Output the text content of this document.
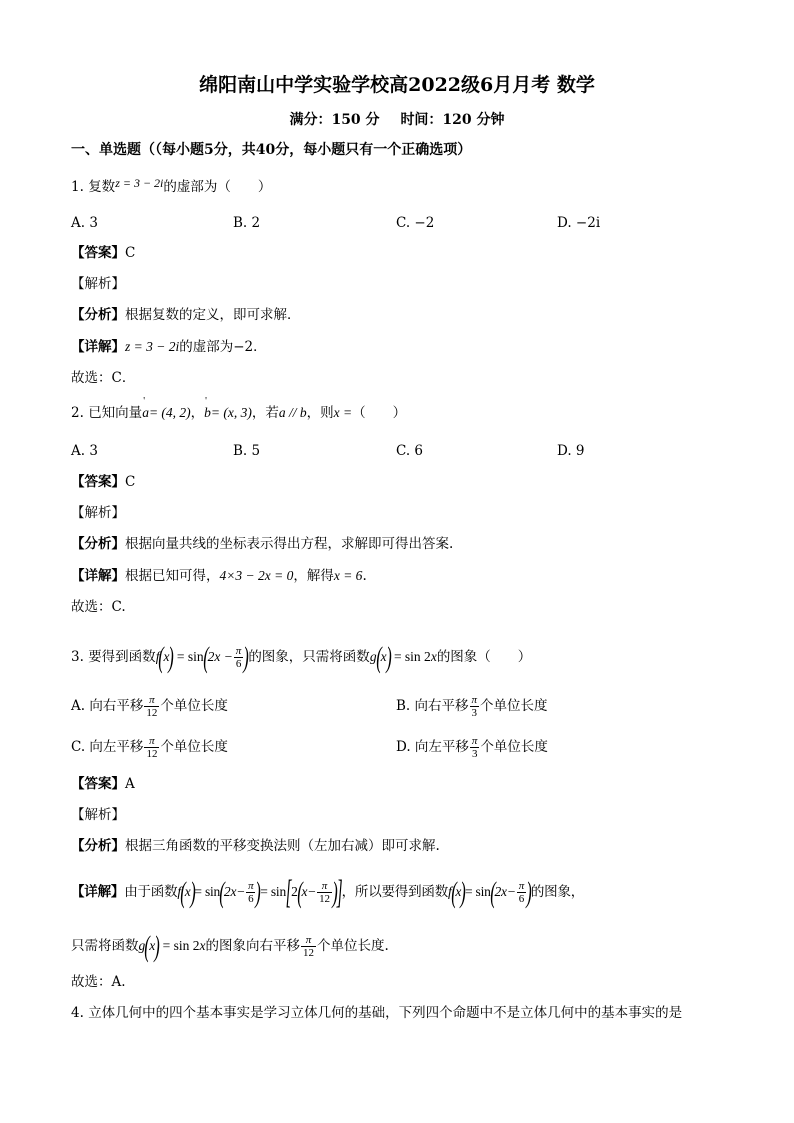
绵阳南山中学实验学校高2022级6月月考 数学
满分：150 分 时间：120 分钟
一、单选题（（每小题5分，共40分，每小题只有一个正确选项）
1. 复数z = 3 − 2i的虚部为（　　）
A. 3	B. 2	C. −2	D. −2i
【答案】C
【解析】
【分析】根据复数的定义，即可求解．
【详解】z = 3 − 2i的虚部为−2．
故选：C．
2. 已知向量' a= (4, 2)，' b= (x, 3)，若a // b，则x =（　　）
A. 3	B. 5	C. 6	D. 9
【答案】C
【解析】
【分析】根据向量共线的坐标表示得出方程，求解即可得出答案.
【详解】根据已知可得，4×3 − 2x = 0，解得x = 6.
故选：C.
3. 要得到函数$f(x) = \sin(2x - \frac{\pi}{6}$ )的图象，只需将函数g(x) = sin 2x的图象（　　）
A. 向右平移 $\frac{\pi}{12}$ 个单位长度	B. 向右平移 $\frac{\pi}{3}$ 个单位长度
C. 向左平移 $\frac{\pi}{12}$ 个单位长度	D. 向左平移 $\frac{\pi}{3}$ 个单位长度
【答案】A
【解析】
【分析】根据三角函数的平移变换法则（左加右减）即可求解.
【详解】由于函数$f(x)= \sin(2x- \frac{\pi}{6}$ )= $\sin[2(x- \frac{\pi}{12}$ )]，所以要得到函数$f(x)= \sin(2x- \frac{\pi}{6}$ )的图象，
只需将函数g(x) = sin 2x的图象向右平移 $\frac{\pi}{12}$ 个单位长度.
故选：A.
4. 立体几何中的四个基本事实是学习立体几何的基础，下列四个命题中不是立体几何中的基本事实的是
